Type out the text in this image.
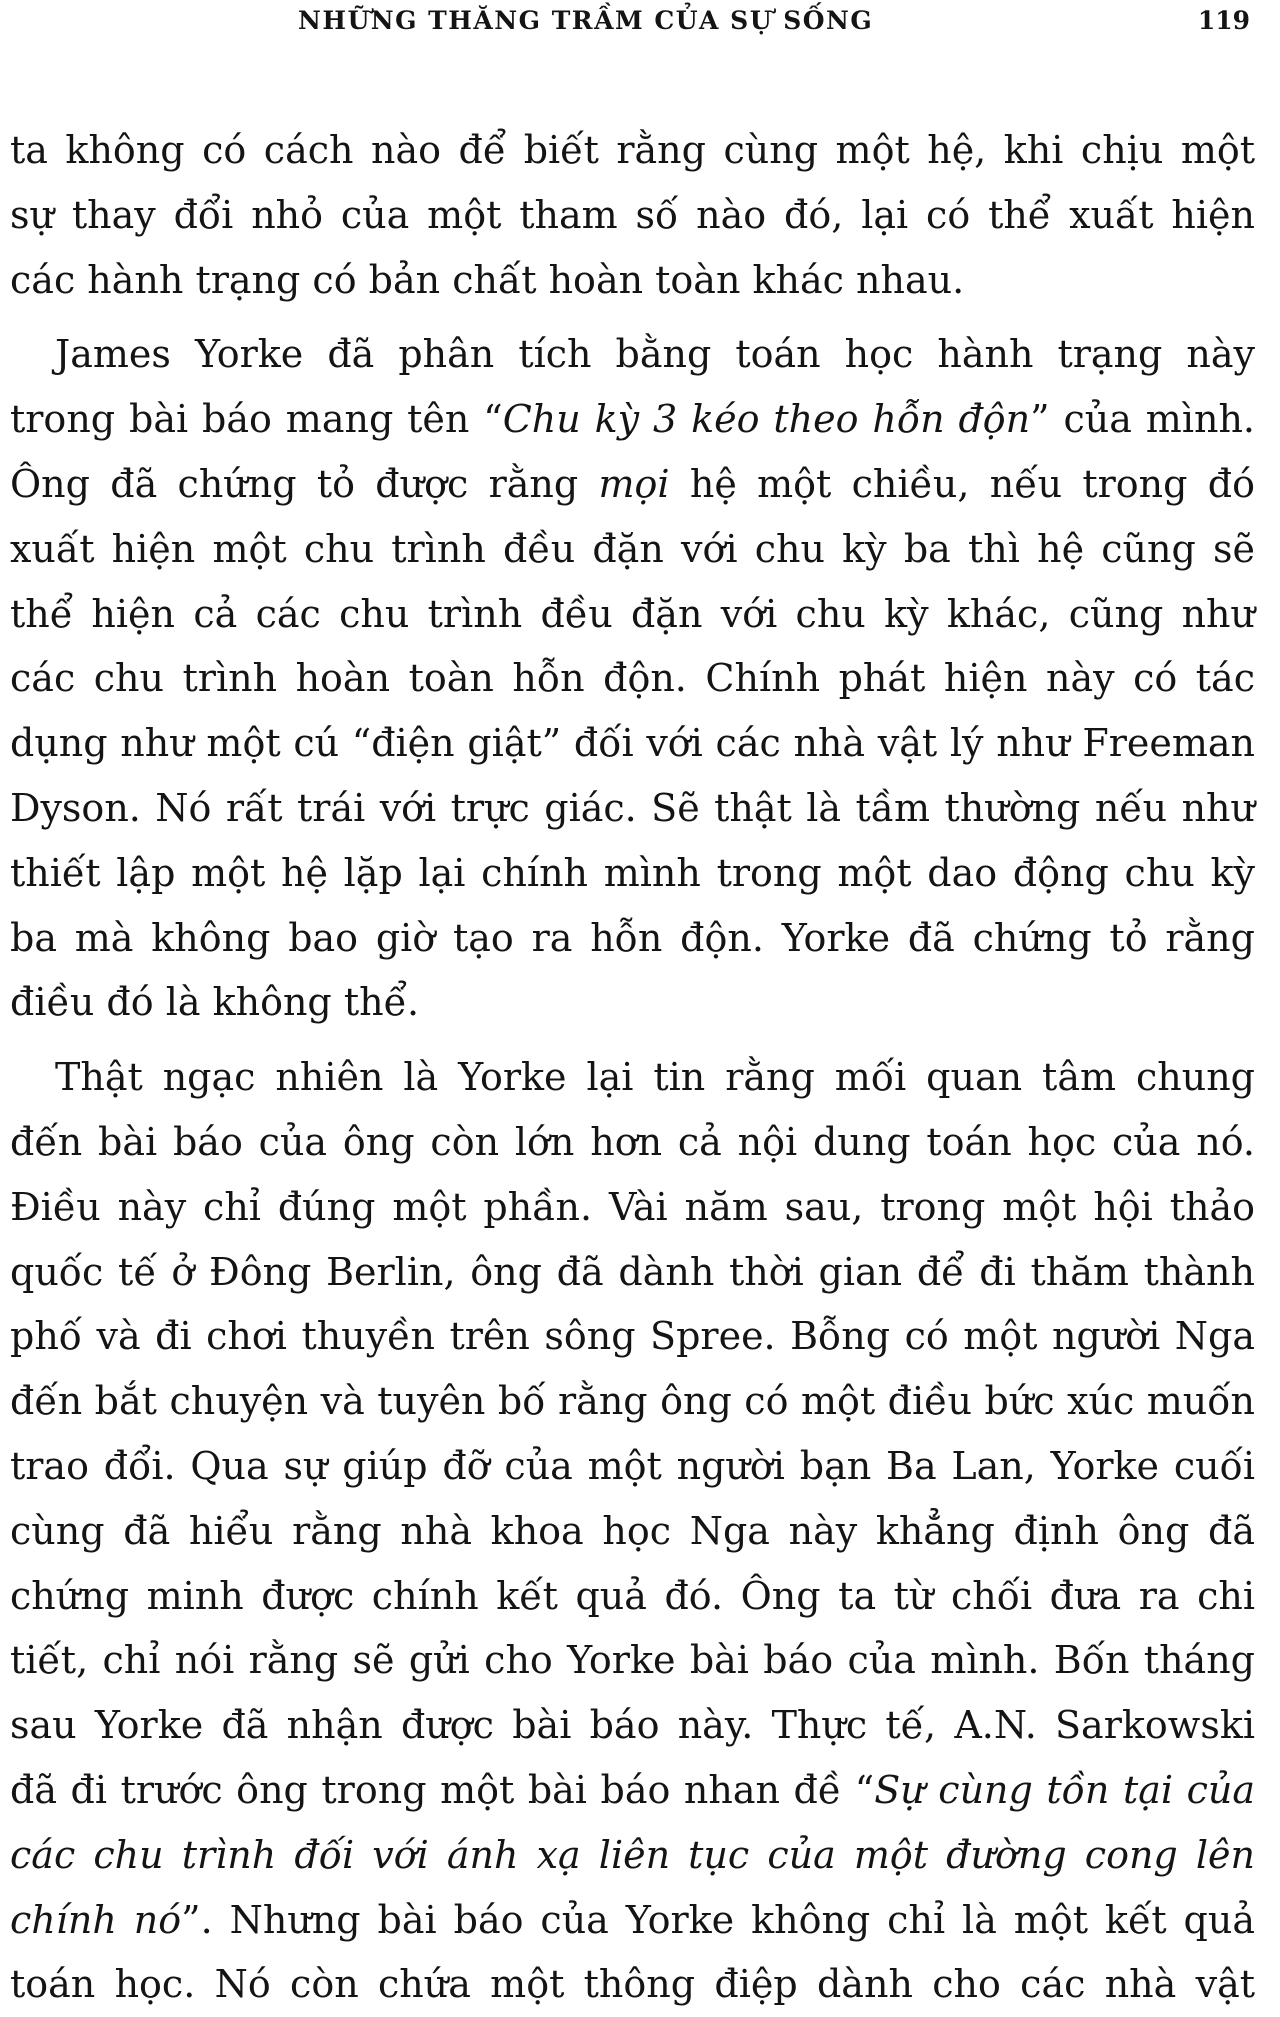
NHỮNG THĂNG TRẦM CỦA SỰ SỐNG	119
ta không có cách nào để biết rằng cùng một hệ, khi chịu một
sự thay đổi nhỏ của một tham số nào đó, lại có thể xuất hiện
các hành trạng có bản chất hoàn toàn khác nhau.
James Yorke đã phân tích bằng toán học hành trạng này
trong bài báo mang tên “Chu kỳ 3 kéo theo hỗn độn” của mình.
Ông đã chứng tỏ được rằng mọi hệ một chiều, nếu trong đó
xuất hiện một chu trình đều đặn với chu kỳ ba thì hệ cũng sẽ
thể hiện cả các chu trình đều đặn với chu kỳ khác, cũng như
các chu trình hoàn toàn hỗn độn. Chính phát hiện này có tác
dụng như một cú “điện giật” đối với các nhà vật lý như Freeman
Dyson. Nó rất trái với trực giác. Sẽ thật là tầm thường nếu như
thiết lập một hệ lặp lại chính mình trong một dao động chu kỳ
ba mà không bao giờ tạo ra hỗn độn. Yorke đã chứng tỏ rằng
điều đó là không thể.
Thật ngạc nhiên là Yorke lại tin rằng mối quan tâm chung
đến bài báo của ông còn lớn hơn cả nội dung toán học của nó.
Điều này chỉ đúng một phần. Vài năm sau, trong một hội thảo
quốc tế ở Đông Berlin, ông đã dành thời gian để đi thăm thành
phố và đi chơi thuyền trên sông Spree. Bỗng có một người Nga
đến bắt chuyện và tuyên bố rằng ông có một điều bức xúc muốn
trao đổi. Qua sự giúp đỡ của một người bạn Ba Lan, Yorke cuối
cùng đã hiểu rằng nhà khoa học Nga này khẳng định ông đã
chứng minh được chính kết quả đó. Ông ta từ chối đưa ra chi
tiết, chỉ nói rằng sẽ gửi cho Yorke bài báo của mình. Bốn tháng
sau Yorke đã nhận được bài báo này. Thực tế, A.N. Sarkowski
đã đi trước ông trong một bài báo nhan đề “Sự cùng tồn tại của
các chu trình đối với ánh xạ liên tục của một đường cong lên
chính nó”. Nhưng bài báo của Yorke không chỉ là một kết quả
toán học. Nó còn chứa một thông điệp dành cho các nhà vật
